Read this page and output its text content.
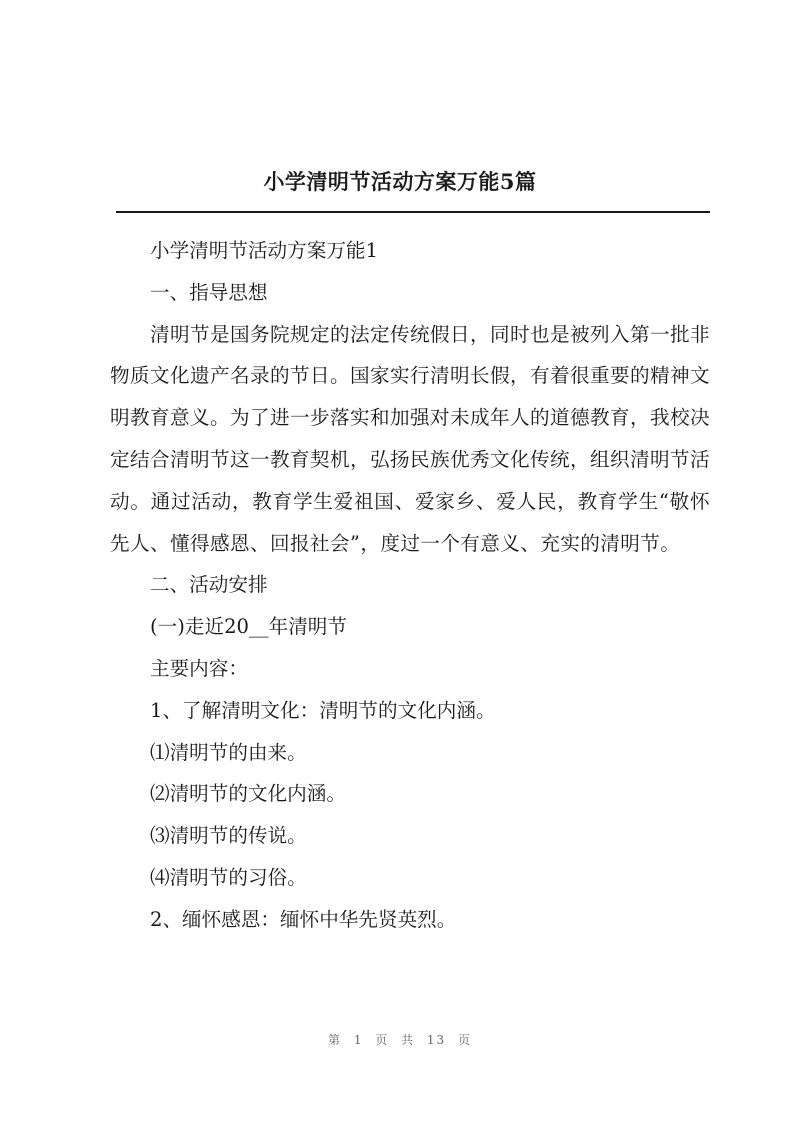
小学清明节活动方案万能5篇

小学清明节活动方案万能1

一、指导思想

清明节是国务院规定的法定传统假日，同时也是被列入第一批非物质文化遗产名录的节日。国家实行清明长假，有着很重要的精神文明教育意义。为了进一步落实和加强对未成年人的道德教育，我校决定结合清明节这一教育契机，弘扬民族优秀文化传统，组织清明节活动。通过活动，教育学生爱祖国、爱家乡、爱人民，教育学生“敬怀先人、懂得感恩、回报社会”，度过一个有意义、充实的清明节。

二、活动安排

(一)走近20__年清明节

主要内容：

1、了解清明文化：清明节的文化内涵。

⑴清明节的由来。

⑵清明节的文化内涵。

⑶清明节的传说。

⑷清明节的习俗。

2、缅怀感恩：缅怀中华先贤英烈。

第 1 页 共 13 页
